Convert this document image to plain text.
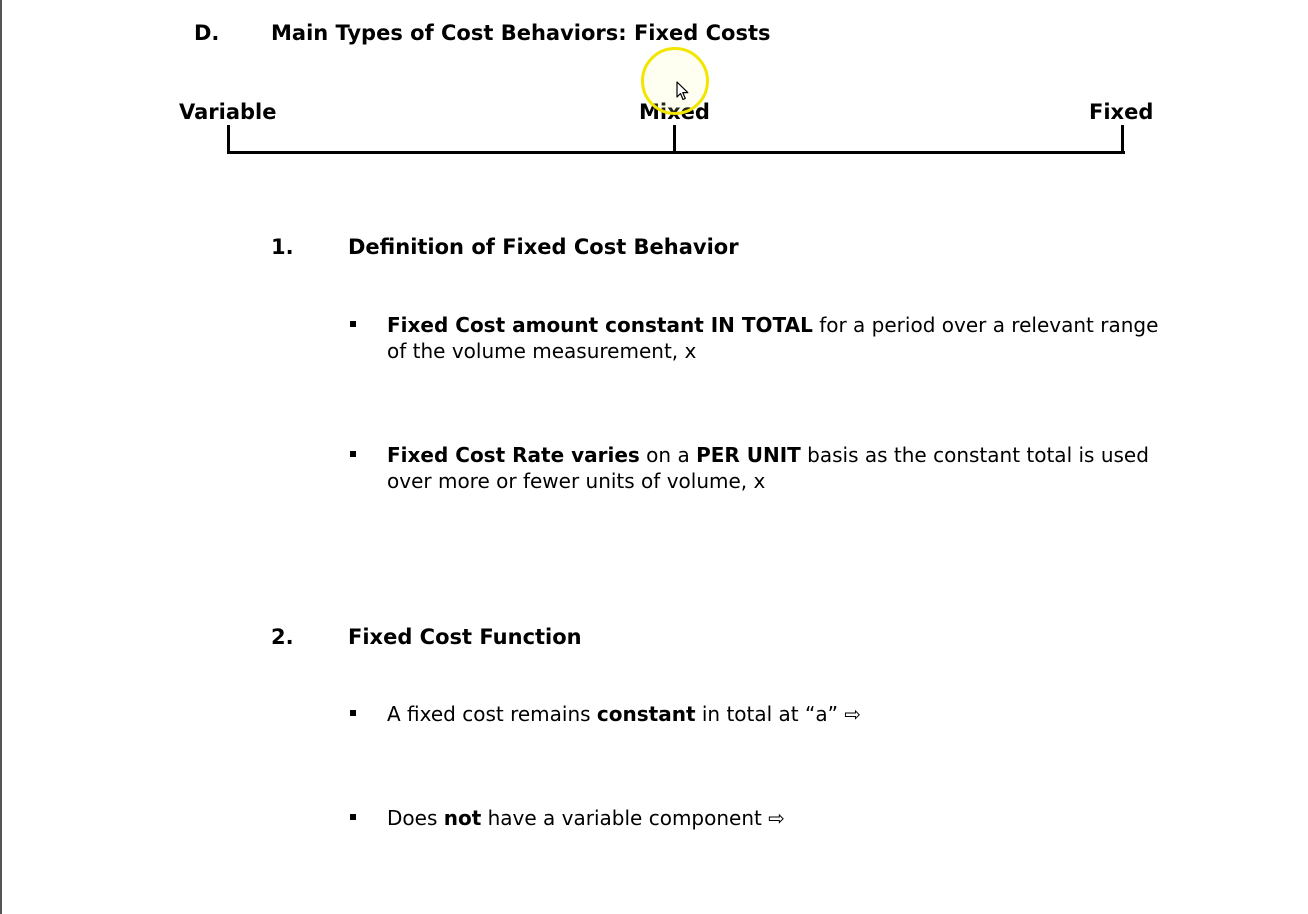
D. Main Types of Cost Behaviors: Fixed Costs
Variable	Mixed	Fixed
1.	Definition of Fixed Cost Behavior
Fixed Cost amount constant IN TOTAL for a period over a relevant range
of the volume measurement, x
Fixed Cost Rate varies on a PER UNIT basis as the constant total is used
over more or fewer units of volume, x
2.	Fixed Cost Function
A fixed cost remains constant in total at “a” ⇨
Does not have a variable component ⇨
